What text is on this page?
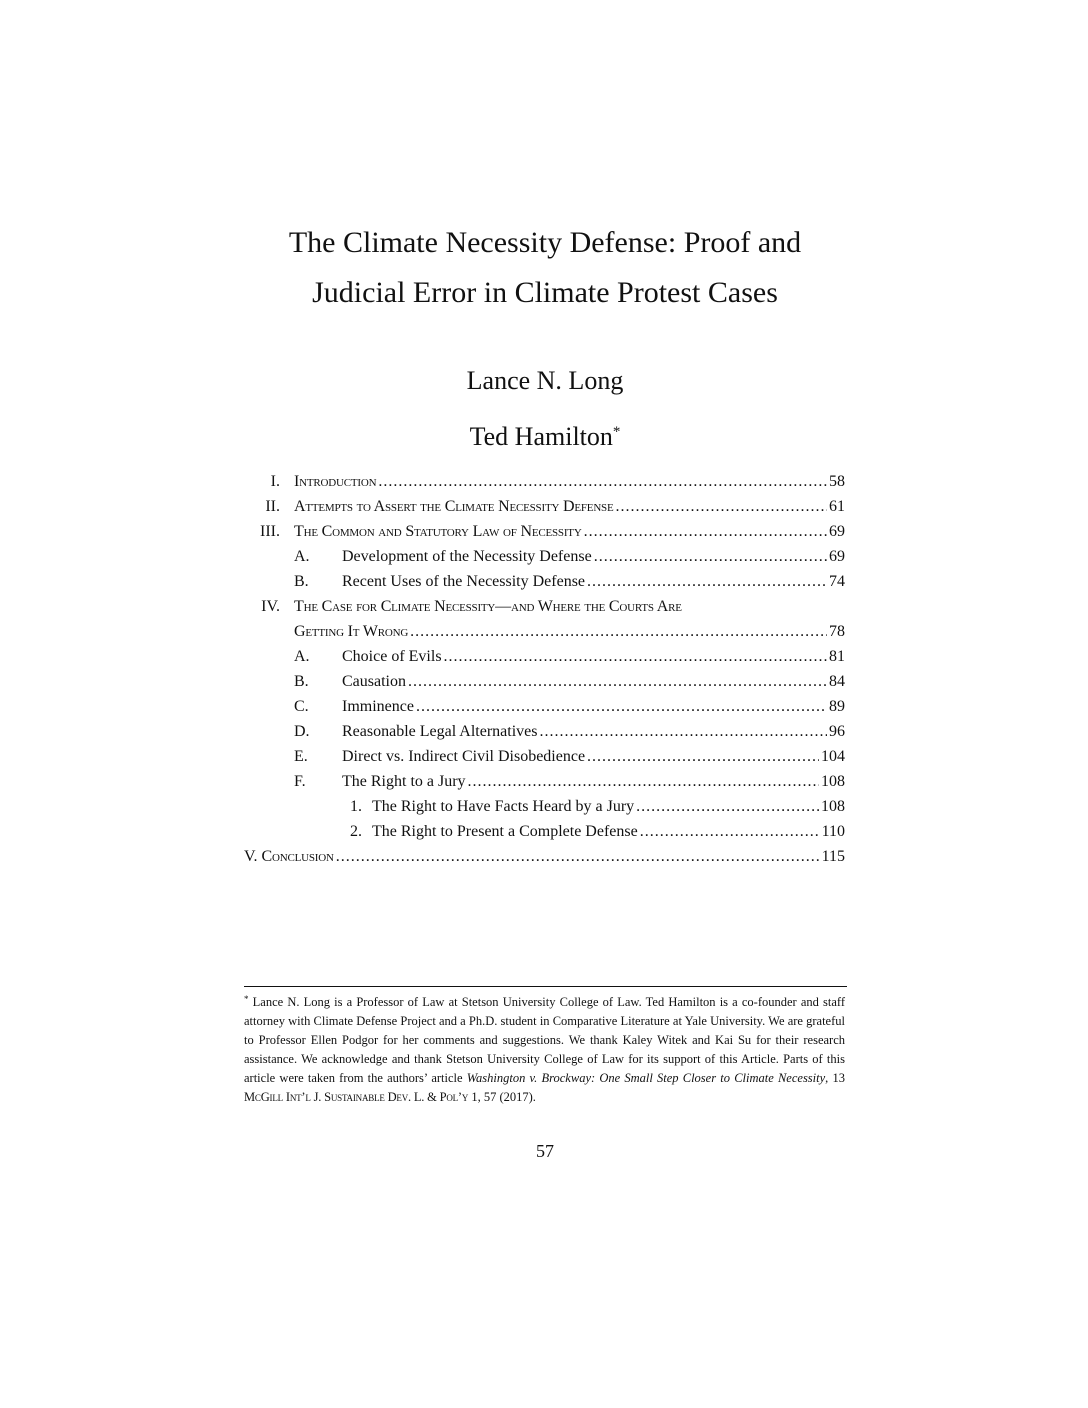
The Climate Necessity Defense: Proof and
Judicial Error in Climate Protest Cases
Lance N. Long
Ted Hamilton*
I. Introduction .....	58
II. Attempts to Assert the Climate Necessity Defense .....	61
III. The Common and Statutory Law of Necessity .....	69
A. Development of the Necessity Defense .....	69
B.	Recent Uses of the Necessity Defense .....	74
IV. The Case for Climate Necessity—and Where the Courts Are
Getting It Wrong .....	78
A. Choice of Evils .....	81
B.	Causation .....	84
C.	Imminence .....	89
D. Reasonable Legal Alternatives .....	96
E.	Direct vs. Indirect Civil Disobedience .....	104
F.	The Right to a Jury .....	108
1. The Right to Have Facts Heard by a Jury .....	108
2. The Right to Present a Complete Defense .....	110
V. Conclusion .....	115
* Lance N. Long is a Professor of Law at Stetson University College of Law. Ted Hamilton is a co-founder and staff attorney with Climate Defense Project and a Ph.D. student in Comparative Literature at Yale University. We are grateful to Professor Ellen Podgor for her comments and suggestions. We thank Kaley Witek and Kai Su for their research assistance. We acknowledge and thank Stetson University College of Law for its support of this Article. Parts of this article were taken from the authors’ article Washington v. Brockway: One Small Step Closer to Climate Necessity, 13 McGill Int’l J. Sustainable Dev. L. & Pol’y 1, 57 (2017).
57
